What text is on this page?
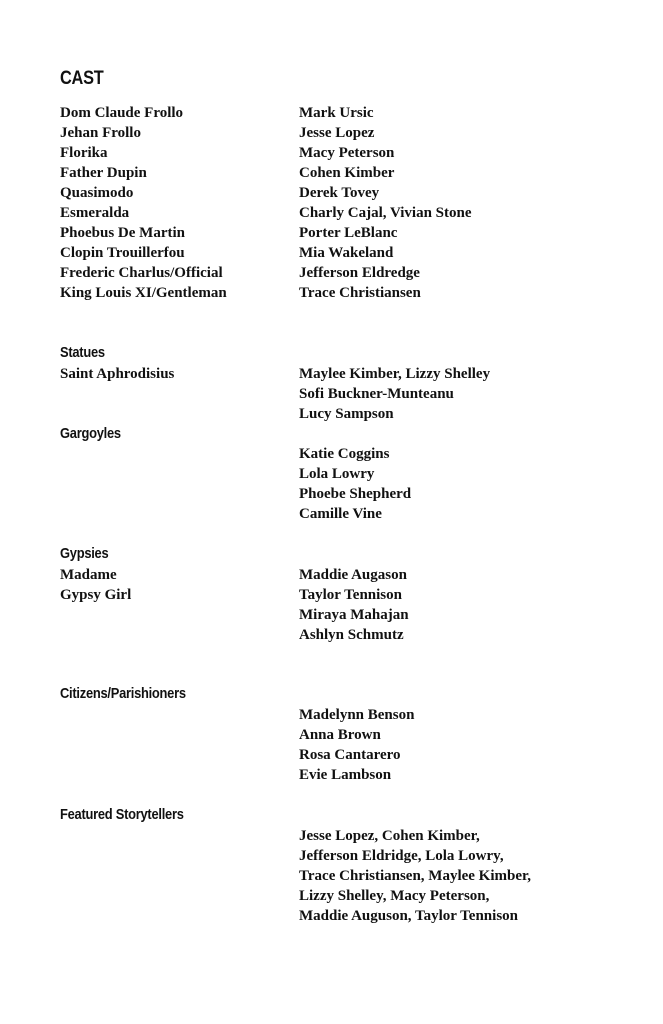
CAST
Dom Claude Frollo	Mark Ursic
Jehan Frollo	Jesse Lopez
Florika	Macy Peterson
Father Dupin	Cohen Kimber
Quasimodo	Derek Tovey
Esmeralda	Charly Cajal, Vivian Stone
Phoebus De Martin	Porter LeBlanc
Clopin Trouillerfou	Mia Wakeland
Frederic Charlus/Official	Jefferson Eldredge
King Louis XI/Gentleman	Trace Christiansen
Statues
Saint Aphrodisius	Maylee Kimber, Lizzy Shelley
Sofi Buckner-Munteanu
Lucy Sampson
Gargoyles
Katie Coggins
Lola Lowry
Phoebe Shepherd
Camille Vine
Gypsies
Madame	Maddie Augason
Gypsy Girl	Taylor Tennison
Miraya Mahajan
Ashlyn Schmutz
Citizens/Parishioners
Madelynn Benson
Anna Brown
Rosa Cantarero
Evie Lambson
Featured Storytellers
Jesse Lopez, Cohen Kimber,
Jefferson Eldridge, Lola Lowry,
Trace Christiansen, Maylee Kimber,
Lizzy Shelley, Macy Peterson,
Maddie Auguson, Taylor Tennison
